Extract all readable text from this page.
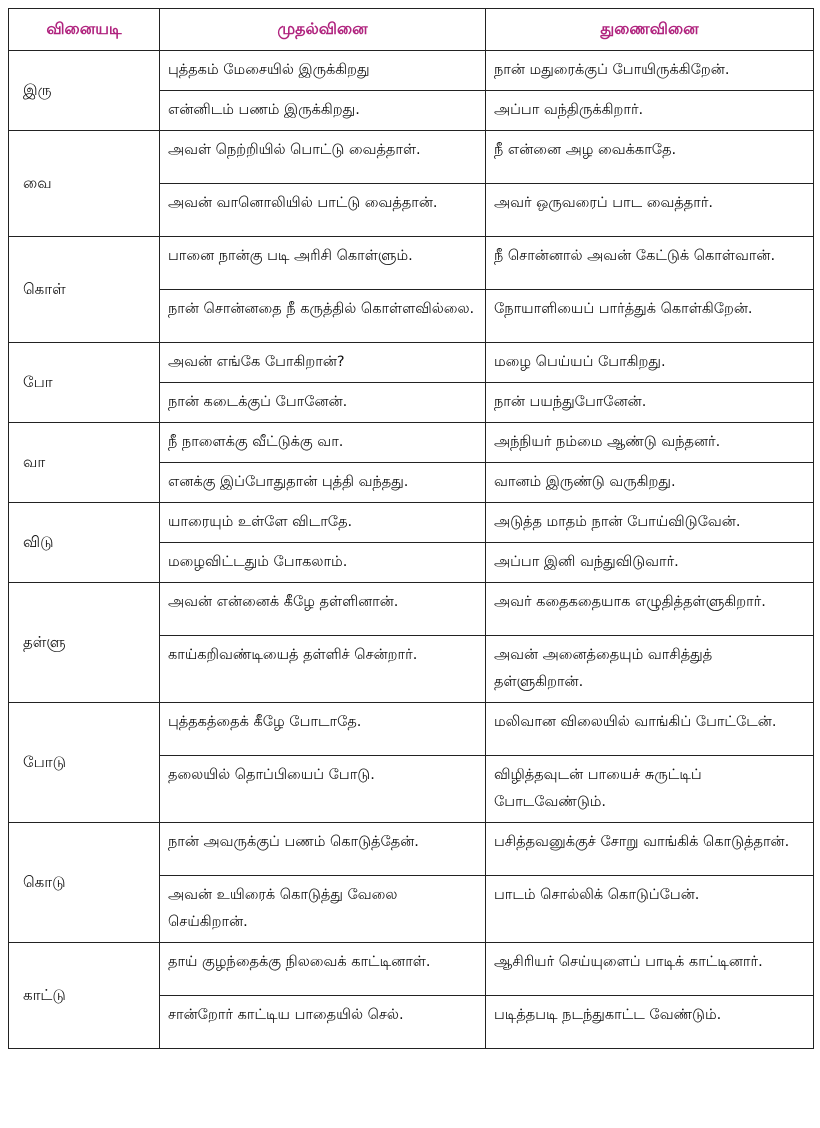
வினையடி	முதல்வினை	துணைவினை
இரு	புத்தகம் மேசையில் இருக்கிறது	நான் மதுரைக்குப் போயிருக்கிறேன்.
	என்னிடம் பணம் இருக்கிறது.	அப்பா வந்திருக்கிறார்.
வை	அவள் நெற்றியில் பொட்டு வைத்தாள்.	நீ என்னை அழ வைக்காதே.
	அவன் வானொலியில் பாட்டு வைத்தான்.	அவர் ஒருவரைப் பாட வைத்தார்.
கொள்	பானை நான்கு படி அரிசி கொள்ளும்.	நீ சொன்னால் அவன் கேட்டுக் கொள்வான்.
	நான் சொன்னதை நீ கருத்தில் கொள்ளவில்லை.	நோயாளியைப் பார்த்துக் கொள்கிறேன்.
போ	அவன் எங்கே போகிறான்?	மழை பெய்யப் போகிறது.
	நான் கடைக்குப் போனேன்.	நான் பயந்துபோனேன்.
வா	நீ நாளைக்கு வீட்டுக்கு வா.	அந்நியர் நம்மை ஆண்டு வந்தனர்.
	எனக்கு இப்போதுதான் புத்தி வந்தது.	வானம் இருண்டு வருகிறது.
விடு	யாரையும் உள்ளே விடாதே.	அடுத்த மாதம் நான் போய்விடுவேன்.
	மழைவிட்டதும் போகலாம்.	அப்பா இனி வந்துவிடுவார்.
தள்ளு	அவன் என்னைக் கீழே தள்ளினான்.	அவர் கதைகதையாக எழுதித்தள்ளுகிறார்.
	காய்கறிவண்டியைத் தள்ளிச் சென்றார்.	அவன் அனைத்தையும் வாசித்துத் தள்ளுகிறான்.
போடு	புத்தகத்தைக் கீழே போடாதே.	மலிவான விலையில் வாங்கிப் போட்டேன்.
	தலையில் தொப்பியைப் போடு.	விழித்தவுடன் பாயைச் சுருட்டிப் போடவேண்டும்.
கொடு	நான் அவருக்குப் பணம் கொடுத்தேன்.	பசித்தவனுக்குச் சோறு வாங்கிக் கொடுத்தான்.
	அவன் உயிரைக் கொடுத்து வேலை செய்கிறான்.	பாடம் சொல்லிக் கொடுப்பேன்.
காட்டு	தாய் குழந்தைக்கு நிலவைக் காட்டினாள்.	ஆசிரியர் செய்யுளைப் பாடிக் காட்டினார்.
	சான்றோர் காட்டிய பாதையில் செல்.	படித்தபடி நடந்துகாட்ட வேண்டும்.
